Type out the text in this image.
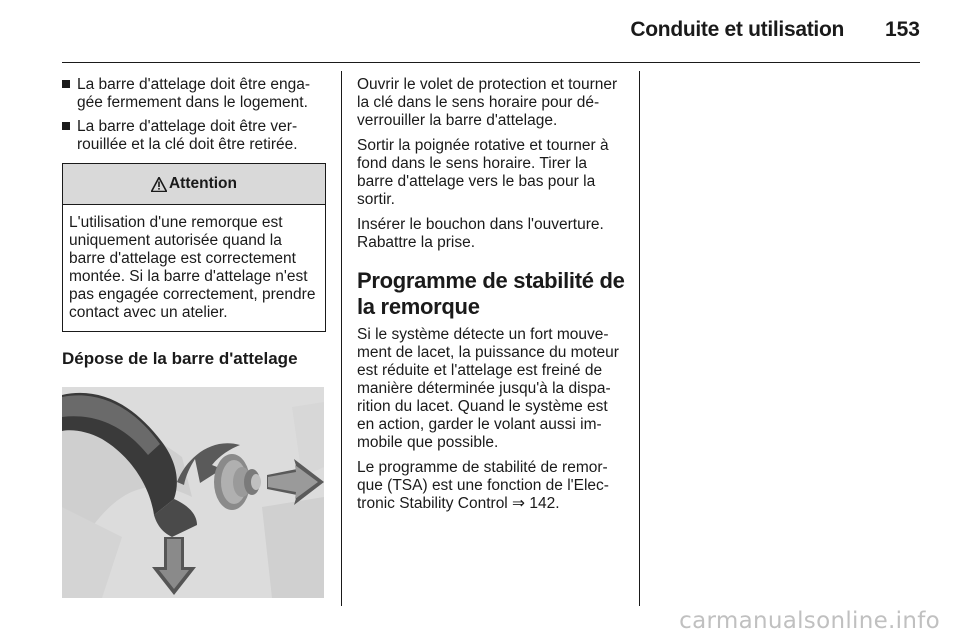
Conduite et utilisation 153
La barre d'attelage doit être engagée fermement dans le logement.
La barre d'attelage doit être verrouillée et la clé doit être retirée.
Attention
L'utilisation d'une remorque est uniquement autorisée quand la barre d'attelage est correctement montée. Si la barre d'attelage n'est pas engagée correctement, prendre contact avec un atelier.
Dépose de la barre d'attelage

Ouvrir le volet de protection et tourner la clé dans le sens horaire pour déverrouiller la barre d'attelage.

Sortir la poignée rotative et tourner à fond dans le sens horaire. Tirer la barre d'attelage vers le bas pour la sortir.

Insérer le bouchon dans l'ouverture. Rabattre la prise.

Programme de stabilité de la remorque

Si le système détecte un fort mouvement de lacet, la puissance du moteur est réduite et l'attelage est freiné de manière déterminée jusqu'à la disparition du lacet. Quand le système est en action, garder le volant aussi immobile que possible.

Le programme de stabilité de remorque (TSA) est une fonction de l'Electronic Stability Control ⇒ 142.

carmanualsonline.info
